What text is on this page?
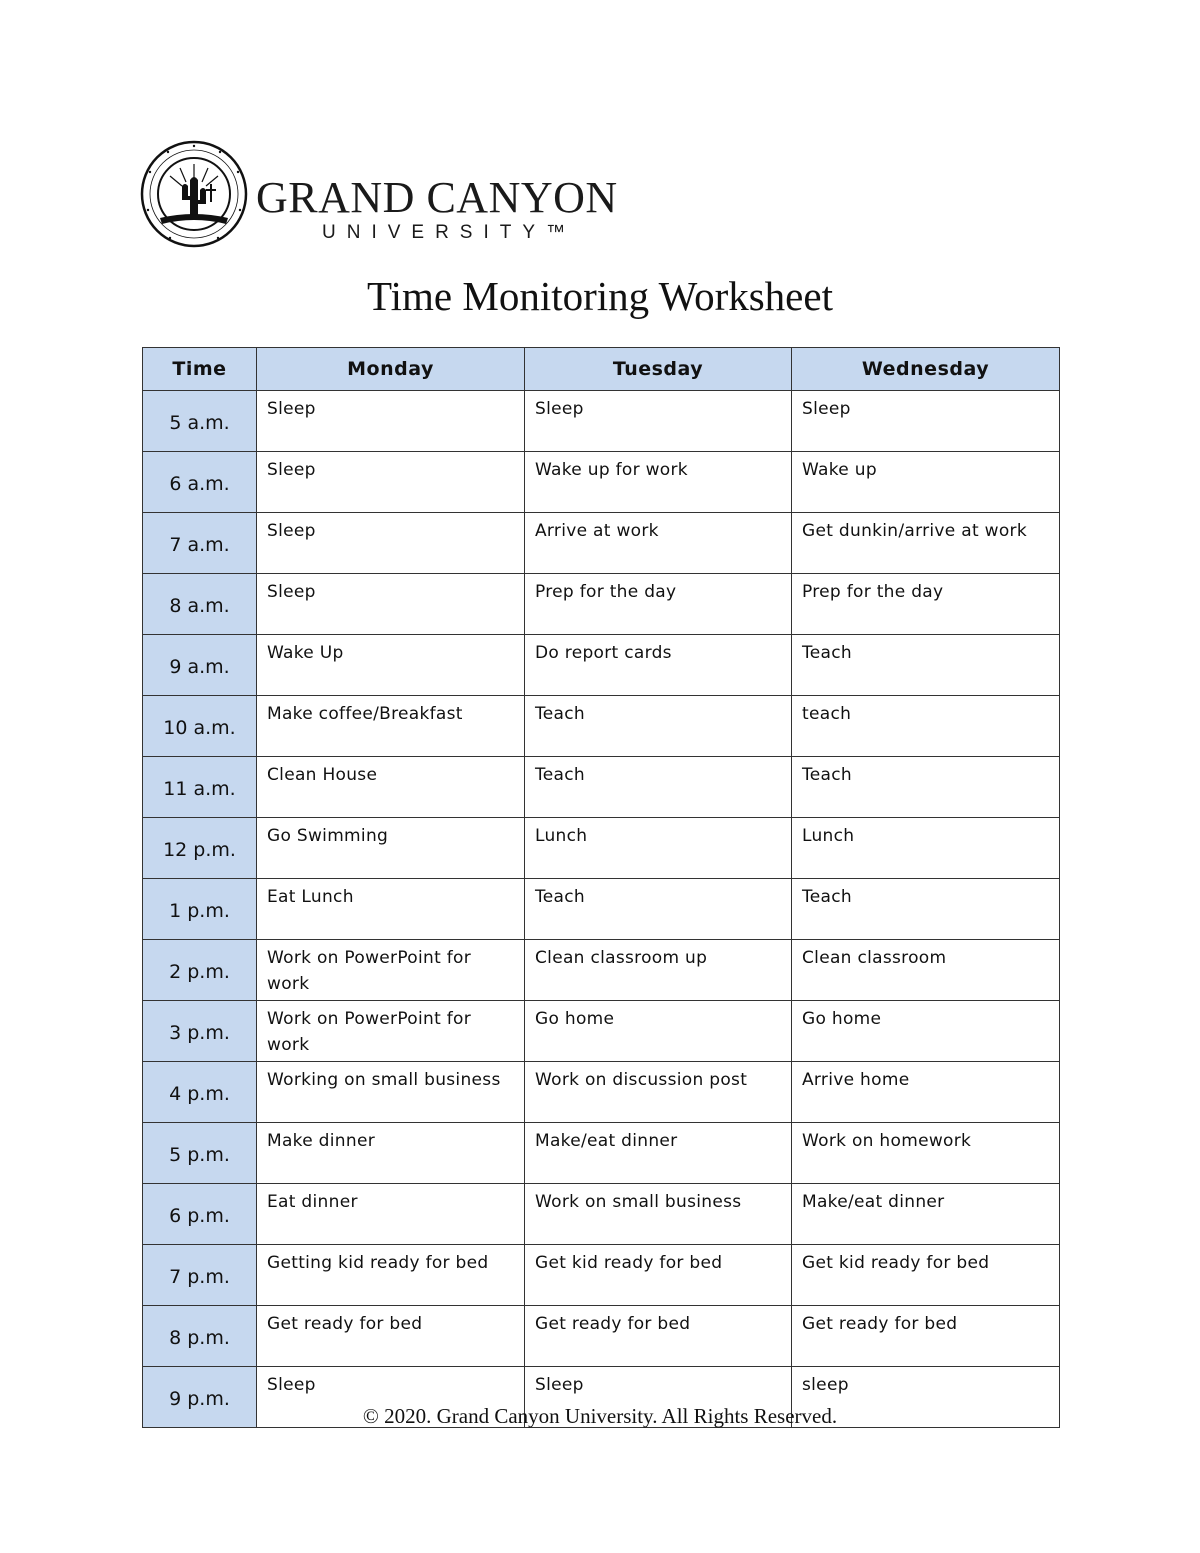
GRAND CANYON
UNIVERSITY™
Time Monitoring Worksheet
Time	Monday	Tuesday	Wednesday
5 a.m.	Sleep	Sleep	Sleep
6 a.m.	Sleep	Wake up for work	Wake up
7 a.m.	Sleep	Arrive at work	Get dunkin/arrive at work
8 a.m.	Sleep	Prep for the day	Prep for the day
9 a.m.	Wake Up	Do report cards	Teach
10 a.m.	Make coffee/Breakfast	Teach	teach
11 a.m.	Clean House	Teach	Teach
12 p.m.	Go Swimming	Lunch	Lunch
1 p.m.	Eat Lunch	Teach	Teach
2 p.m.	Work on PowerPoint for work	Clean classroom up	Clean classroom
3 p.m.	Work on PowerPoint for work	Go home	Go home
4 p.m.	Working on small business	Work on discussion post	Arrive home
5 p.m.	Make dinner	Make/eat dinner	Work on homework
6 p.m.	Eat dinner	Work on small business	Make/eat dinner
7 p.m.	Getting kid ready for bed	Get kid ready for bed	Get kid ready for bed
8 p.m.	Get ready for bed	Get ready for bed	Get ready for bed
9 p.m.	Sleep	Sleep	sleep
© 2020. Grand Canyon University. All Rights Reserved.
